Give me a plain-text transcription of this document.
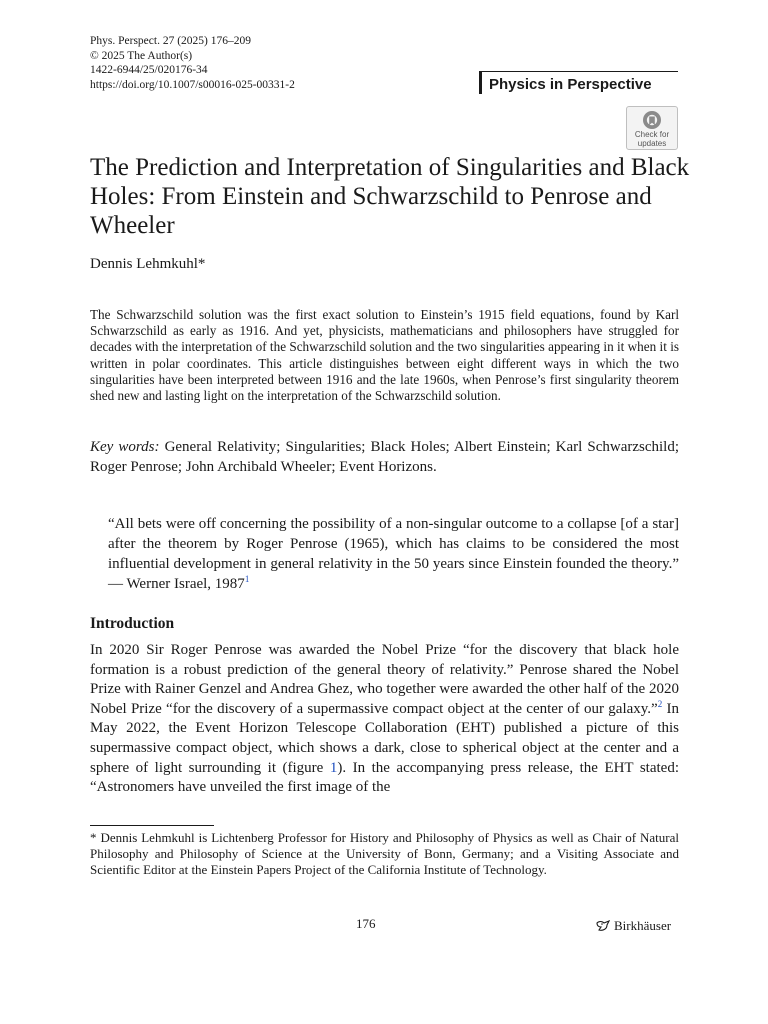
Phys. Perspect. 27 (2025) 176–209
© 2025 The Author(s)
1422-6944/25/020176-34
https://doi.org/10.1007/s00016-025-00331-2	Physics in Perspective
Check for updates
The Prediction and Interpretation of Singularities and Black Holes: From Einstein and Schwarzschild to Penrose and Wheeler
Dennis Lehmkuhl*

The Schwarzschild solution was the first exact solution to Einstein’s 1915 field equations, found by Karl Schwarzschild as early as 1916. And yet, physicists, mathematicians and philosophers have struggled for decades with the interpretation of the Schwarzschild solution and the two singularities appearing in it when it is written in polar coordinates. This article distinguishes between eight different ways in which the two singularities have been interpreted between 1916 and the late 1960s, when Penrose’s first singularity theorem shed new and lasting light on the interpretation of the Schwarzschild solution.

Key words: General Relativity; Singularities; Black Holes; Albert Einstein; Karl Schwarzschild; Roger Penrose; John Archibald Wheeler; Event Horizons.

“All bets were off concerning the possibility of a non-singular outcome to a collapse [of a star] after the theorem by Roger Penrose (1965), which has claims to be considered the most influential development in general relativity in the 50 years since Einstein founded the theory.” — Werner Israel, 1987$^1$

Introduction

In 2020 Sir Roger Penrose was awarded the Nobel Prize “for the discovery that black hole formation is a robust prediction of the general theory of relativity.” Penrose shared the Nobel Prize with Rainer Genzel and Andrea Ghez, who together were awarded the other half of the 2020 Nobel Prize “for the discovery of a supermassive compact object at the center of our galaxy.”$^2$ In May 2022, the Event Horizon Telescope Collaboration (EHT) published a picture of this supermassive compact object, which shows a dark, close to spherical object at the center and a sphere of light surrounding it (figure 1). In the accompanying press release, the EHT stated: “Astronomers have unveiled the first image of the

* Dennis Lehmkuhl is Lichtenberg Professor for History and Philosophy of Physics as well as Chair of Natural Philosophy and Philosophy of Science at the University of Bonn, Germany; and a Visiting Associate and Scientific Editor at the Einstein Papers Project of the California Institute of Technology.

176	Birkhäuser
